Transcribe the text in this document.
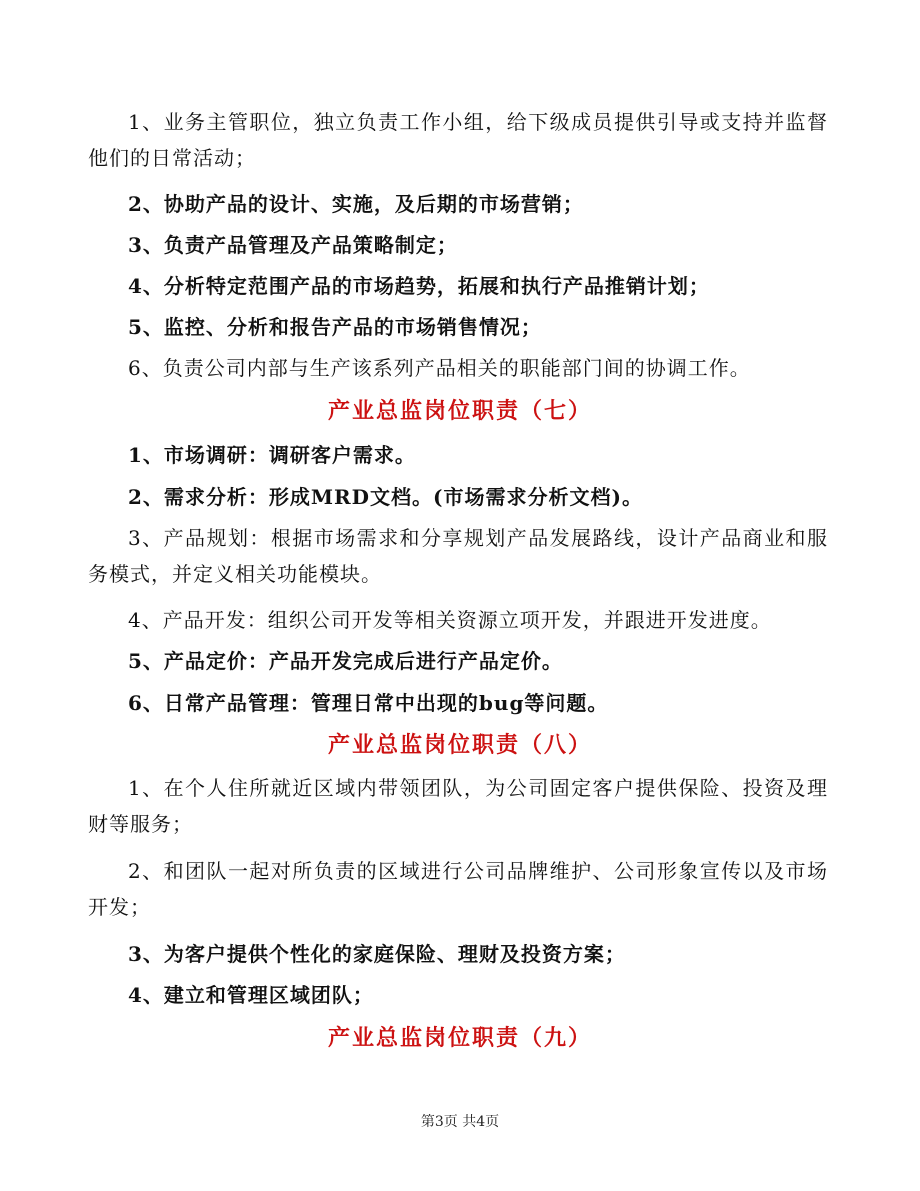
1、业务主管职位，独立负责工作小组，给下级成员提供引导或支持并监督他们的日常活动；

2、协助产品的设计、实施，及后期的市场营销；

3、负责产品管理及产品策略制定；

4、分析特定范围产品的市场趋势，拓展和执行产品推销计划；

5、监控、分析和报告产品的市场销售情况；

6、负责公司内部与生产该系列产品相关的职能部门间的协调工作。

产业总监岗位职责（七）

1、市场调研：调研客户需求。

2、需求分析：形成MRD文档。(市场需求分析文档)。

3、产品规划：根据市场需求和分享规划产品发展路线，设计产品商业和服务模式，并定义相关功能模块。

4、产品开发：组织公司开发等相关资源立项开发，并跟进开发进度。

5、产品定价：产品开发完成后进行产品定价。

6、日常产品管理：管理日常中出现的bug等问题。

产业总监岗位职责（八）

1、在个人住所就近区域内带领团队，为公司固定客户提供保险、投资及理财等服务；

2、和团队一起对所负责的区域进行公司品牌维护、公司形象宣传以及市场开发；

3、为客户提供个性化的家庭保险、理财及投资方案；

4、建立和管理区域团队；

产业总监岗位职责（九）
第3页 共4页
